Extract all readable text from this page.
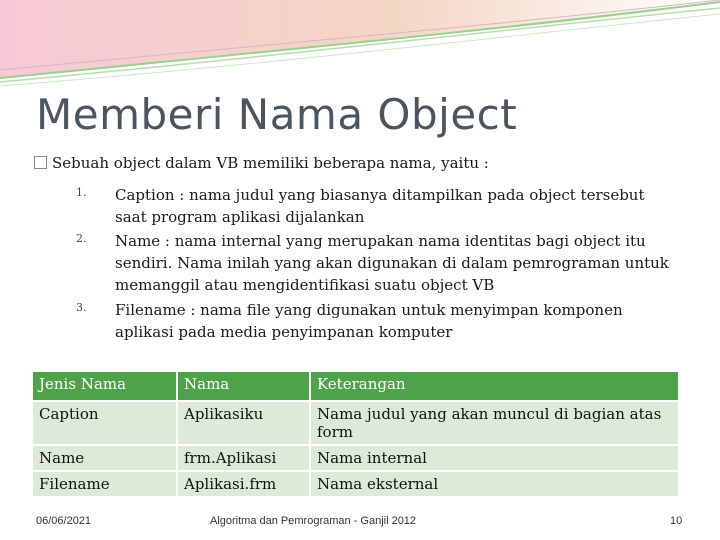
Memberi Nama Object
Sebuah object dalam VB memiliki beberapa nama, yaitu :
1.	Caption : nama judul yang biasanya ditampilkan pada object tersebut saat program aplikasi dijalankan
2.	Name : nama internal yang merupakan nama identitas bagi object itu sendiri. Nama inilah yang akan digunakan di dalam pemrograman untuk memanggil atau mengidentifikasi suatu object VB
3.	Filename : nama file yang digunakan untuk menyimpan komponen aplikasi pada media penyimpanan komputer
Jenis Nama	Nama	Keterangan
Caption	Aplikasiku	Nama judul yang akan muncul di bagian atas form
Name	frm.Aplikasi	Nama internal
Filename	Aplikasi.frm	Nama eksternal
06/06/2021	Algoritma dan Pemrograman - Ganjil 2012	10
